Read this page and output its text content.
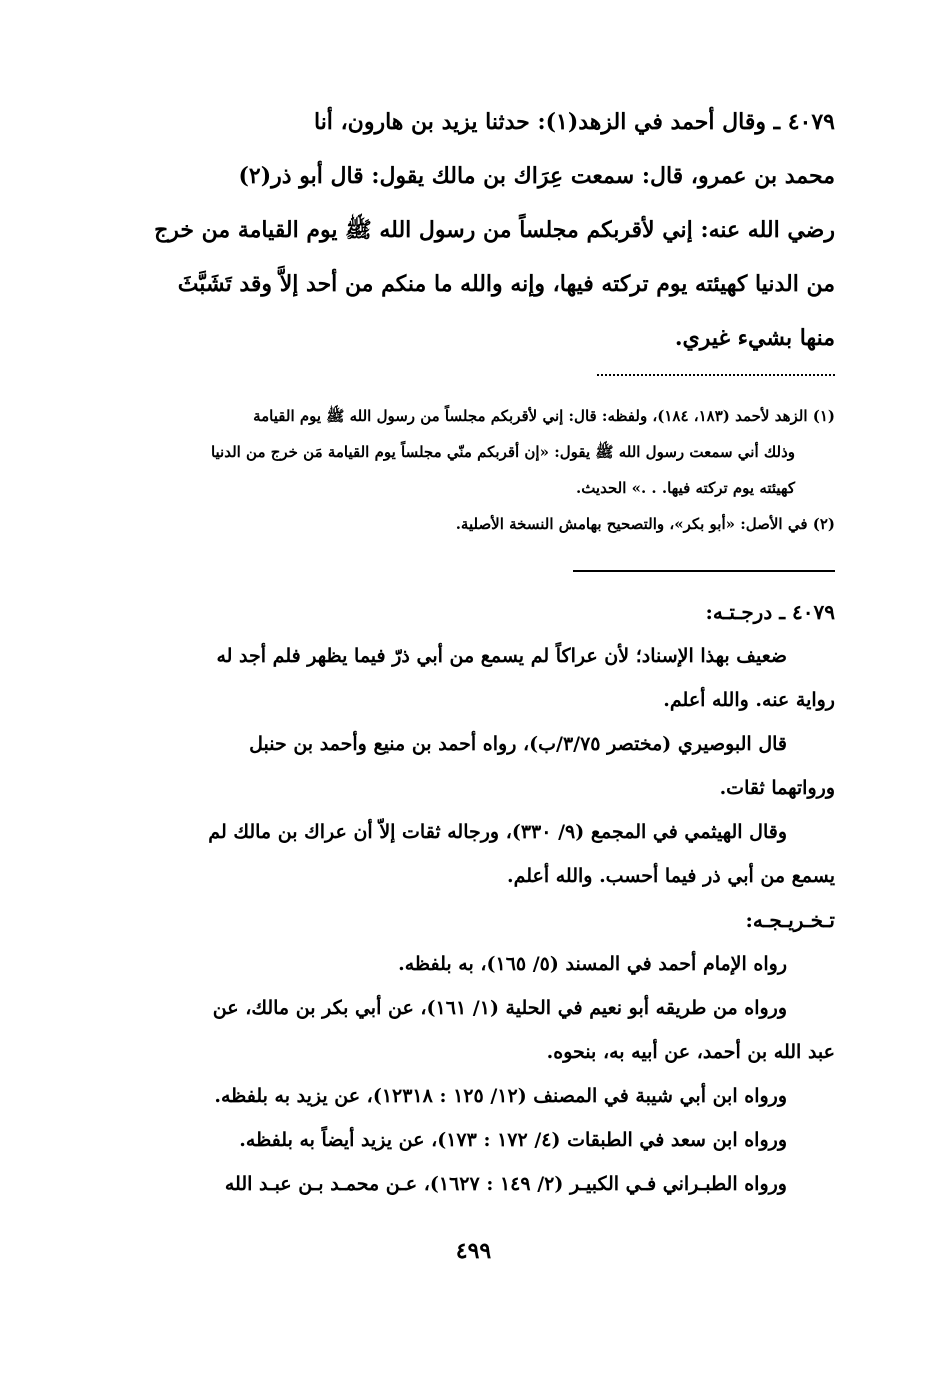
٤٠٧٩ ـ وقال أحمد في الزهد(١): حدثنا يزيد بن هارون، أنا

محمد بن عمرو، قال: سمعت عِرَاك بن مالك يقول: قال أبو ذر(٢)

رضي الله عنه: إني لأقربكم مجلساً من رسول الله ﷺ يوم القيامة من خرج

من الدنيا كهيئته يوم تركته فيها، وإنه والله ما منكم من أحد إلاَّ وقد تَشَبَّثَ

منها بشيء غيري.

(١) الزهد لأحمد (١٨٣، ١٨٤)، ولفظه: قال: إني لأقربكم مجلساً من رسول الله ﷺ يوم القيامة

وذلك أني سمعت رسول الله ﷺ يقول: «إن أقربكم منّي مجلساً يوم القيامة مَن خرج من الدنيا

كهيئته يوم تركته فيها. . .» الحديث.

(٢) في الأصل: «أبو بكر»، والتصحيح بهامش النسخة الأصلية.

٤٠٧٩ ـ درجـتـه:

ضعيف بهذا الإسناد؛ لأن عراكاً لم يسمع من أبي ذرّ فيما يظهر فلم أجد له

رواية عنه. والله أعلم.

قال البوصيري (مختصر ٣/٧٥/ب)، رواه أحمد بن منيع وأحمد بن حنبل

ورواتهما ثقات.

وقال الهيثمي في المجمع (٩/ ٣٣٠)، ورجاله ثقات إلاّ أن عراك بن مالك لم

يسمع من أبي ذر فيما أحسب. والله أعلم.

تـخـريـجـه:

رواه الإمام أحمد في المسند (٥/ ١٦٥)، به بلفظه.

ورواه من طريقه أبو نعيم في الحلية (١/ ١٦١)، عن أبي بكر بن مالك، عن

عبد الله بن أحمد، عن أبيه به، بنحوه.

ورواه ابن أبي شيبة في المصنف (١٢/ ١٢٥ : ١٢٣١٨)، عن يزيد به بلفظه.

ورواه ابن سعد في الطبقات (٤/ ١٧٢ : ١٧٣)، عن يزيد أيضاً به بلفظه.

ورواه الطبـراني فـي الكبيـر (٢/ ١٤٩ : ١٦٢٧)، عـن محمـد بـن عبـد الله

٤٩٩
